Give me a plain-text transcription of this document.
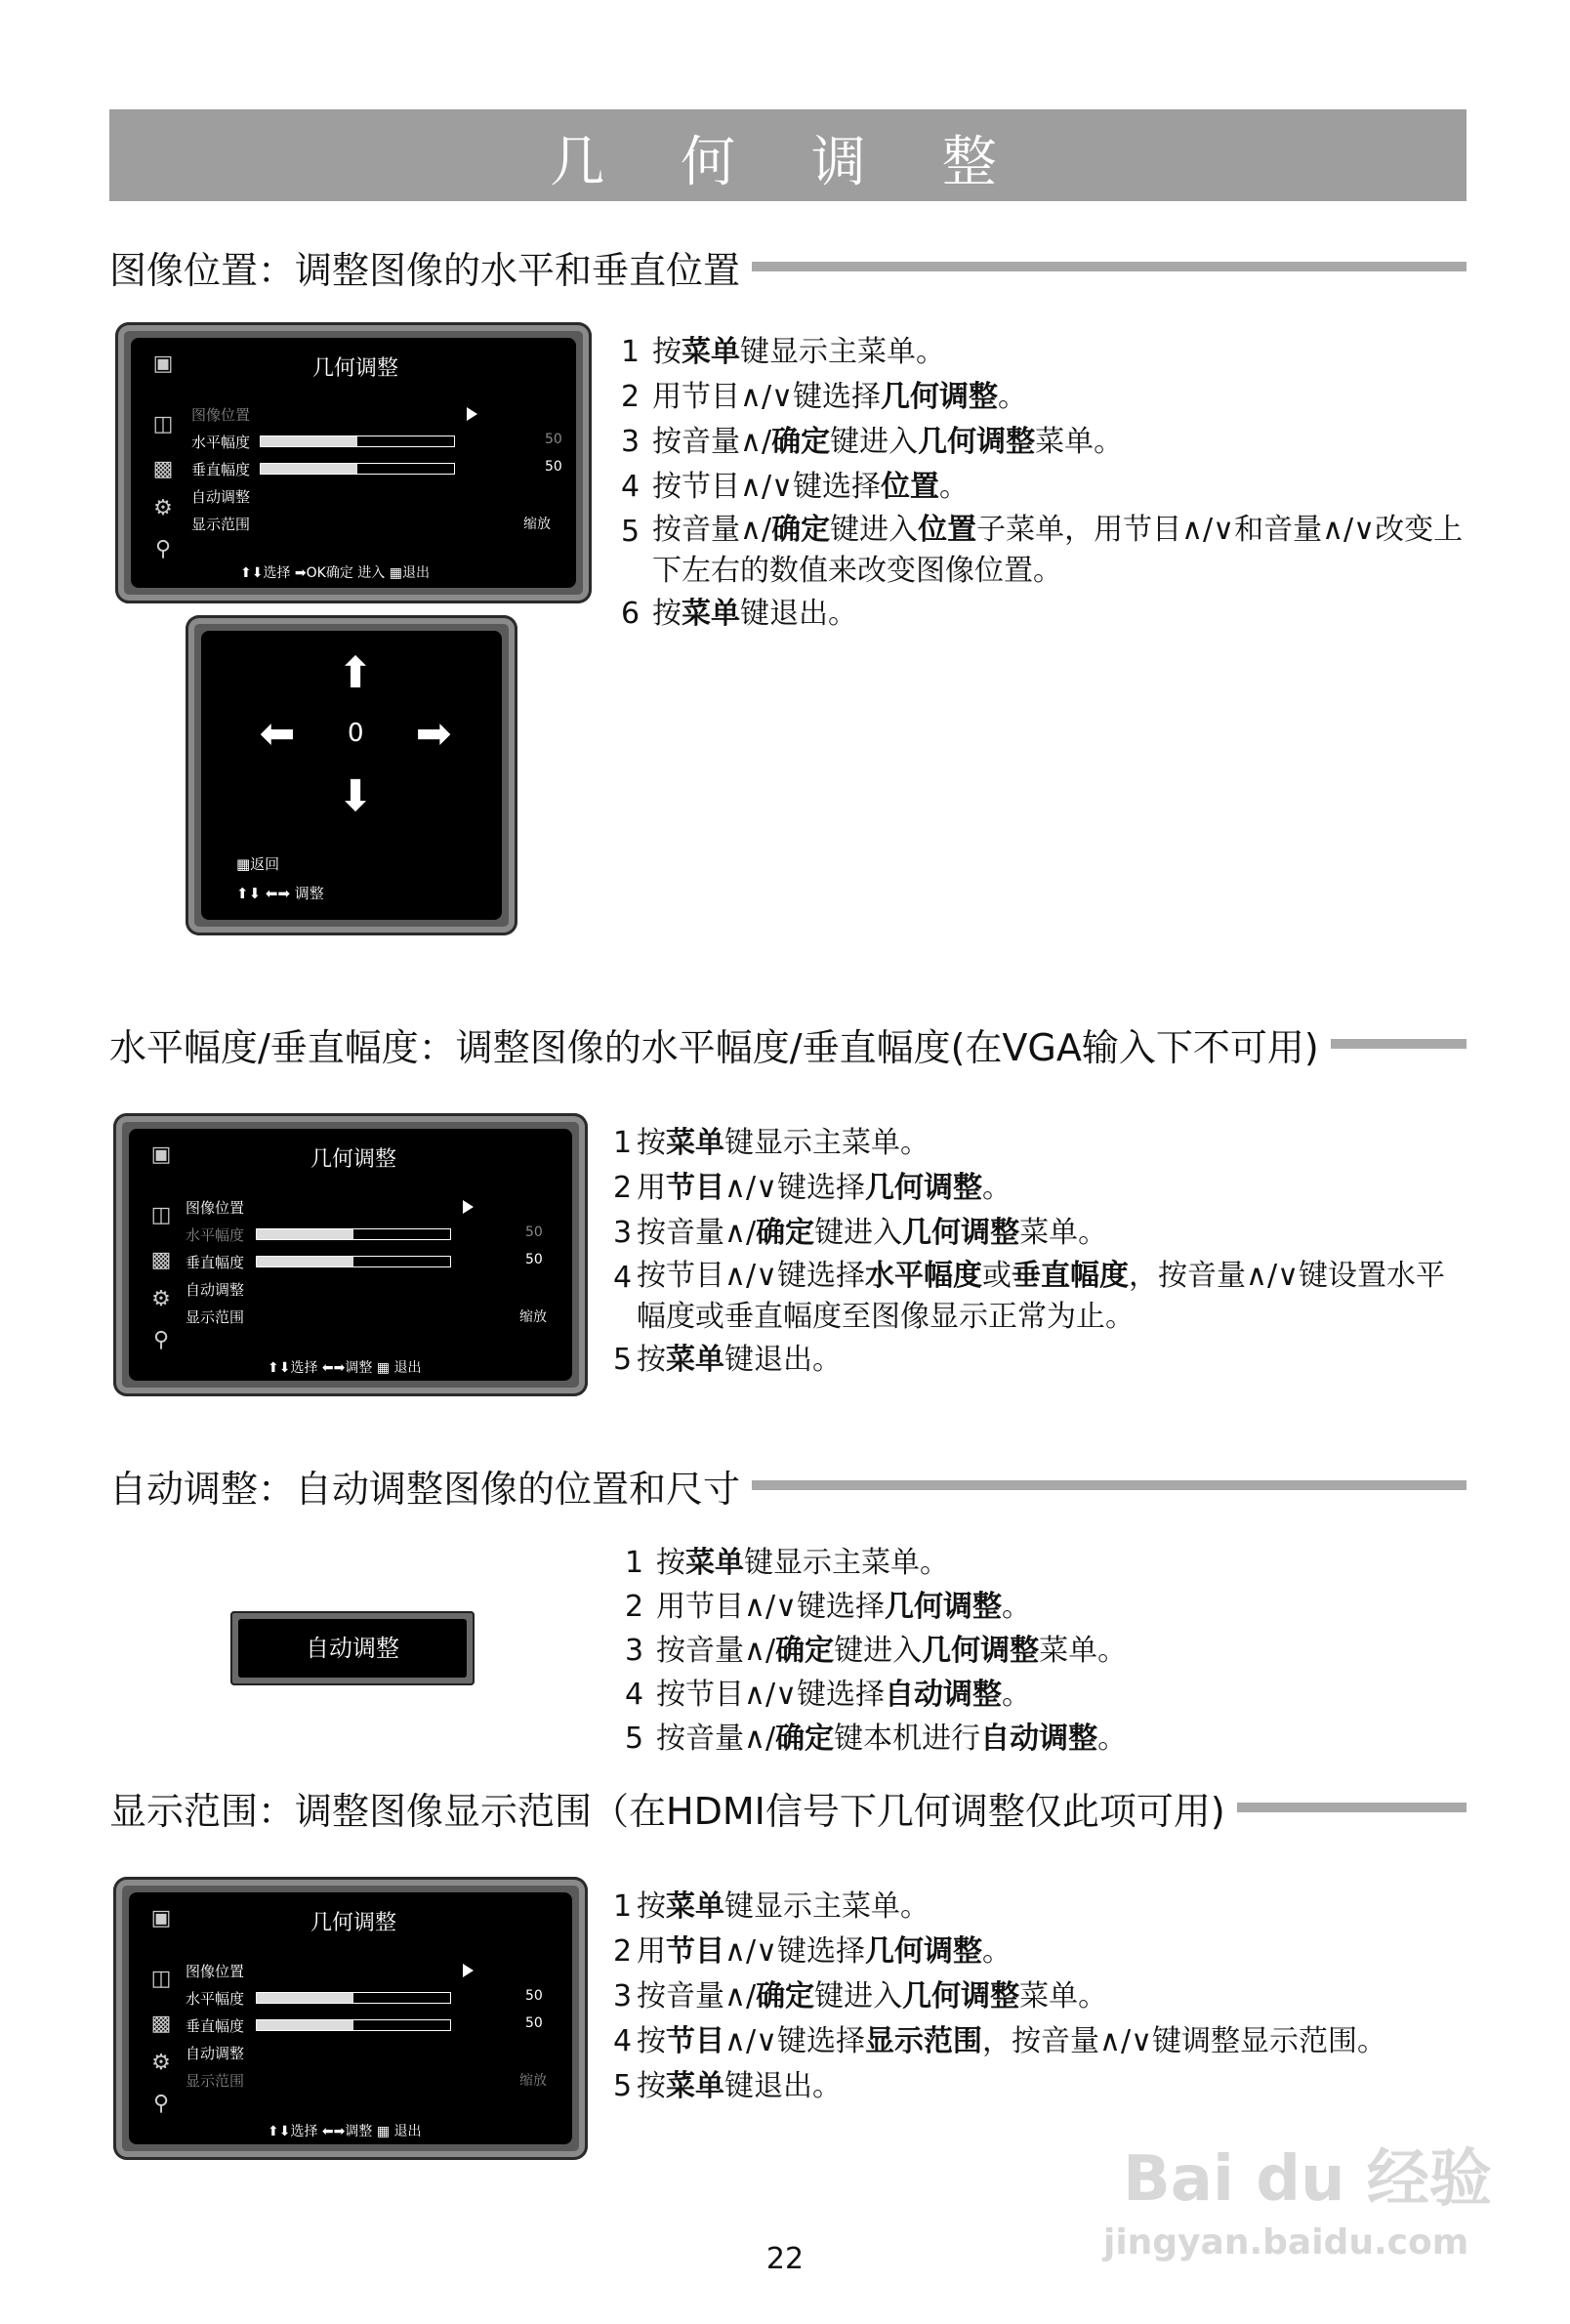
几 何 调 整
图像位置：调整图像的水平和垂直位置
▣
◫
▩
⚙
⚲
几何调整
图像位置
水平幅度	50
垂直幅度	50
自动调整
显示范围	缩放
⬆⬇选择 ➡OK确定 进入 ▦退出
⬆
⬅ 0 ➡
⬇
▦返回
⬆⬇ ⬅➡ 调整
1 按菜单键显示主菜单。
2 用节目∧/∨键选择几何调整。
3 按音量∧/确定键进入几何调整菜单。
4 按节目∧/∨键选择位置。
5 按音量∧/确定键进入位置子菜单，用节目∧/∨和音量∧/∨改变上下左右的数值来改变图像位置。
6 按菜单键退出。
水平幅度/垂直幅度：调整图像的水平幅度/垂直幅度(在VGA输入下不可用)
▣
◫
▩
⚙
⚲
几何调整
图像位置
水平幅度	50
垂直幅度	50
自动调整
显示范围	缩放
⬆⬇选择 ⬅➡调整 ▦ 退出
1 按菜单键显示主菜单。
2 用节目∧/∨键选择几何调整。
3 按音量∧/确定键进入几何调整菜单。
4 按节目∧/∨键选择水平幅度或垂直幅度，按音量∧/∨键设置水平幅度或垂直幅度至图像显示正常为止。
5 按菜单键退出。
自动调整：自动调整图像的位置和尺寸
自动调整
1 按菜单键显示主菜单。
2 用节目∧/∨键选择几何调整。
3 按音量∧/确定键进入几何调整菜单。
4 按节目∧/∨键选择自动调整。
5 按音量∧/确定键本机进行自动调整。
显示范围：调整图像显示范围（在HDMI信号下几何调整仅此项可用)
▣
◫
▩
⚙
⚲
几何调整
图像位置
水平幅度	50
垂直幅度	50
自动调整
显示范围	缩放
⬆⬇选择 ⬅➡调整 ▦ 退出
1 按菜单键显示主菜单。
2 用节目∧/∨键选择几何调整。
3 按音量∧/确定键进入几何调整菜单。
4 按节目∧/∨键选择显示范围，按音量∧/∨键调整显示范围。
5 按菜单键退出。
22
Bai du 经验
jingyan.baidu.com
